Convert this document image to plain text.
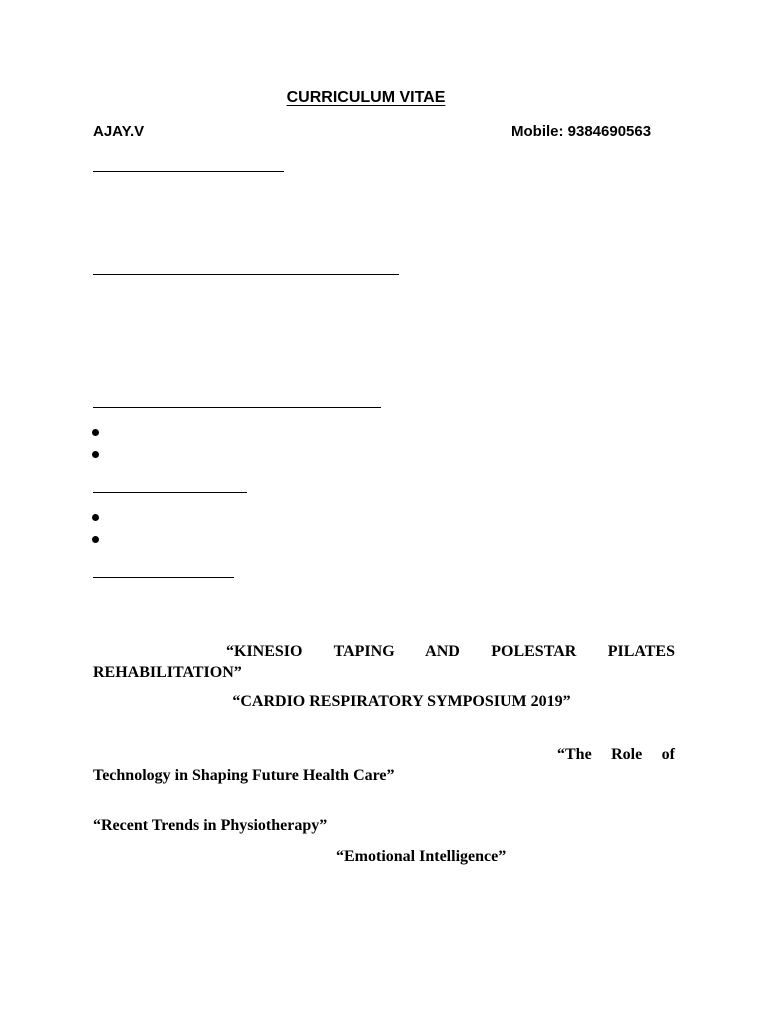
CURRICULUM VITAE
AJAY.V	Mobile: 9384690563
“KINESIO TAPING AND POLESTAR PILATES REHABILITATION”
“CARDIO RESPIRATORY SYMPOSIUM 2019”
“The Role of Technology in Shaping Future Health Care”
“Recent Trends in Physiotherapy”
“Emotional Intelligence”
